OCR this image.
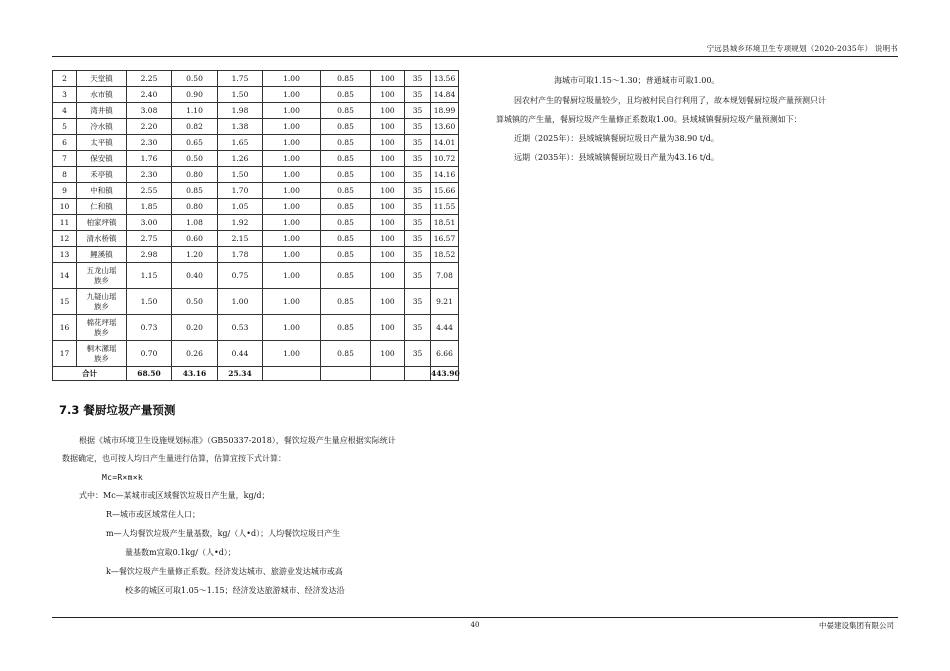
宁远县城乡环境卫生专项规划（2020-2035年） 说明书
2	天堂镇	2.25	0.50	1.75	1.00	0.85	100	35	13.56
3	水市镇	2.40	0.90	1.50	1.00	0.85	100	35	14.84
4	湾井镇	3.08	1.10	1.98	1.00	0.85	100	35	18.99
5	冷水镇	2.20	0.82	1.38	1.00	0.85	100	35	13.60
6	太平镇	2.30	0.65	1.65	1.00	0.85	100	35	14.01
7	保安镇	1.76	0.50	1.26	1.00	0.85	100	35	10.72
8	禾亭镇	2.30	0.80	1.50	1.00	0.85	100	35	14.16
9	中和镇	2.55	0.85	1.70	1.00	0.85	100	35	15.66
10	仁和镇	1.85	0.80	1.05	1.00	0.85	100	35	11.55
11	柏家坪镇	3.00	1.08	1.92	1.00	0.85	100	35	18.51
12	清水桥镇	2.75	0.60	2.15	1.00	0.85	100	35	16.57
13	鲤溪镇	2.98	1.20	1.78	1.00	0.85	100	35	18.52
14	五龙山瑶
族乡	1.15	0.40	0.75	1.00	0.85	100	35	7.08
15	九疑山瑶
族乡	1.50	0.50	1.00	1.00	0.85	100	35	9.21
16	棉花坪瑶
族乡	0.73	0.20	0.53	1.00	0.85	100	35	4.44
17	桐木漯瑶
族乡	0.70	0.26	0.44	1.00	0.85	100	35	6.66
合计		68.50	43.16	25.34					443.90
7.3 餐厨垃圾产量预测
根据《城市环境卫生设施规划标准》（GB50337-2018），餐饮垃圾产生量应根据实际统计
数据确定，也可按人均日产生量进行估算，估算宜按下式计算：
Mc=R×m×k
式中：Mc—某城市或区域餐饮垃圾日产生量，kg/d；
R—城市或区域常住人口；
m—人均餐饮垃圾产生量基数，kg/（人•d）；人均餐饮垃圾日产生
量基数m宜取0.1kg/（人•d）；
k—餐饮垃圾产生量修正系数。经济发达城市、旅游业发达城市或高
校多的城区可取1.05～1.15；经济发达旅游城市、经济发达沿
海城市可取1.15～1.30；普通城市可取1.00。
因农村产生的餐厨垃圾量较少，且均被村民自行利用了，故本规划餐厨垃圾产量预测只计
算城镇的产生量，餐厨垃圾产生量修正系数取1.00。县域城镇餐厨垃圾产量预测如下：
近期（2025年）：县域城镇餐厨垃圾日产量为38.90 t/d。
远期（2035年）：县域城镇餐厨垃圾日产量为43.16 t/d。
40	中晏建设集团有限公司
